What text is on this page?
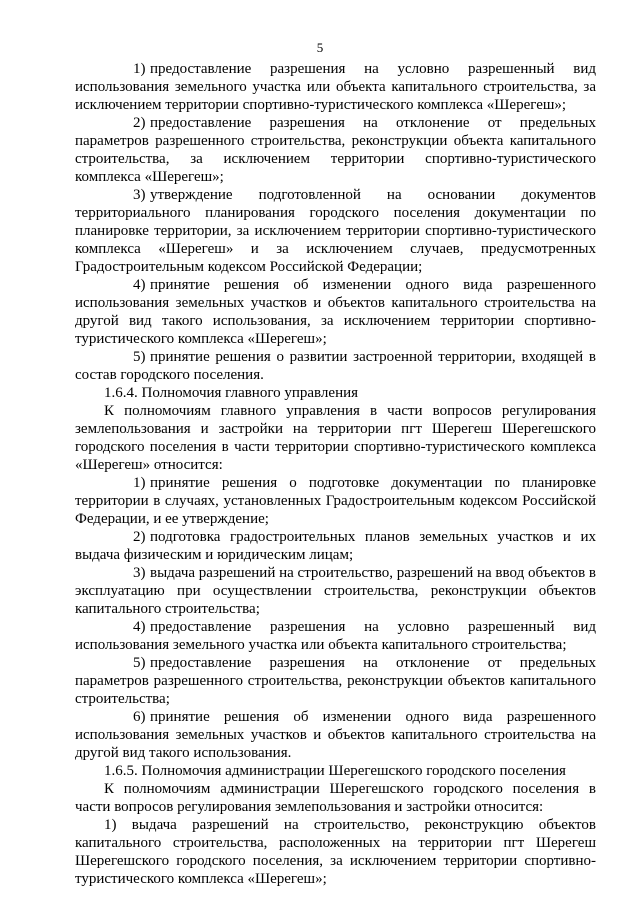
5

1) предоставление разрешения на условно разрешенный вид использования земельного участка или объекта капитального строительства, за исключением территории спортивно-туристического комплекса «Шерегеш»;

2) предоставление разрешения на отклонение от предельных параметров разрешенного строительства, реконструкции объекта капитального строительства, за исключением территории спортивно-туристического комплекса «Шерегеш»;

3) утверждение подготовленной на основании документов территориального планирования городского поселения документации по планировке территории, за исключением территории спортивно-туристического комплекса «Шерегеш» и за исключением случаев, предусмотренных Градостроительным кодексом Российской Федерации;

4) принятие решения об изменении одного вида разрешенного использования земельных участков и объектов капитального строительства на другой вид такого использования, за исключением территории спортивно-туристического комплекса «Шерегеш»;

5) принятие решения о развитии застроенной территории, входящей в состав городского поселения.

1.6.4. Полномочия главного управления

К полномочиям главного управления в части вопросов регулирования землепользования и застройки на территории пгт Шерегеш Шерегешского городского поселения в части территории спортивно-туристического комплекса «Шерегеш» относится:

1) принятие решения о подготовке документации по планировке территории в случаях, установленных Градостроительным кодексом Российской Федерации, и ее утверждение;

2) подготовка градостроительных планов земельных участков и их выдача физическим и юридическим лицам;

3) выдача разрешений на строительство, разрешений на ввод объектов в эксплуатацию при осуществлении строительства, реконструкции объектов капитального строительства;

4) предоставление разрешения на условно разрешенный вид использования земельного участка или объекта капитального строительства;

5) предоставление разрешения на отклонение от предельных параметров разрешенного строительства, реконструкции объектов капитального строительства;

6) принятие решения об изменении одного вида разрешенного использования земельных участков и объектов капитального строительства на другой вид такого использования.

1.6.5. Полномочия администрации Шерегешского городского поселения

К полномочиям администрации Шерегешского городского поселения в части вопросов регулирования землепользования и застройки относится:

1) выдача разрешений на строительство, реконструкцию объектов капитального строительства, расположенных на территории пгт Шерегеш Шерегешского городского поселения, за исключением территории спортивно-туристического комплекса «Шерегеш»;
